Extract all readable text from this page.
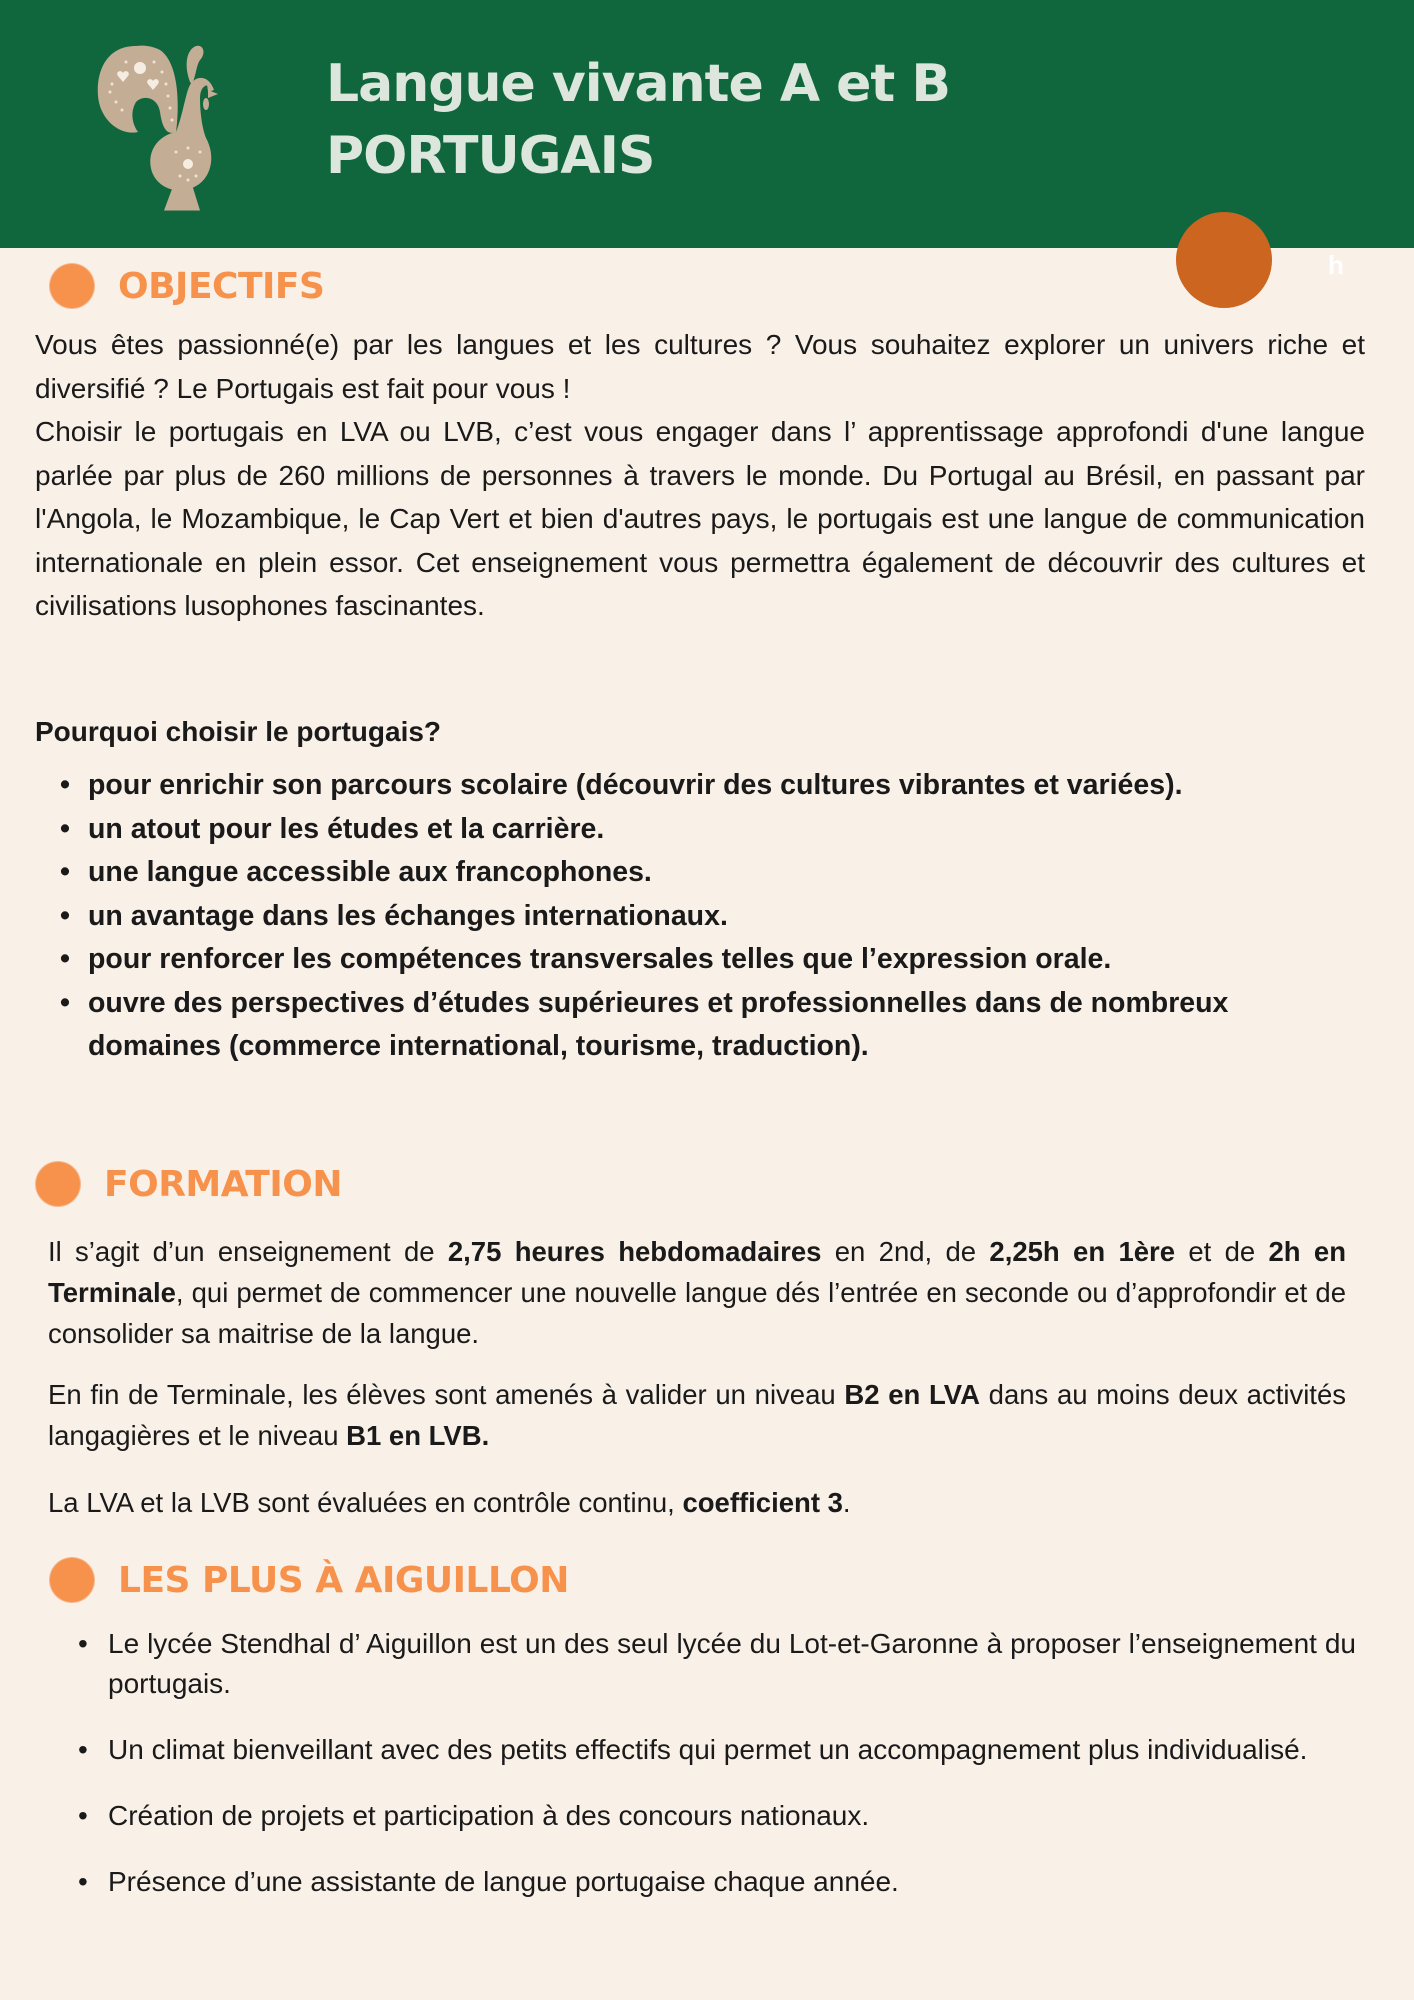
Langue vivante A et B
PORTUGAIS
h
OBJECTIFS
Vous êtes passionné(e) par les langues et les cultures ? Vous souhaitez explorer un univers riche et diversifié ? Le Portugais est fait pour vous !
Choisir le portugais en LVA ou LVB, c’est vous engager dans l’ apprentissage approfondi d'une langue parlée par plus de 260 millions de personnes à travers le monde. Du Portugal au Brésil, en passant par l'Angola, le Mozambique, le Cap Vert et bien d'autres pays, le portugais est une langue de communication internationale en plein essor. Cet enseignement vous permettra également de découvrir des cultures et civilisations lusophones fascinantes.
Pourquoi choisir le portugais?
• pour enrichir son parcours scolaire (découvrir des cultures vibrantes et variées).
• un atout pour les études et la carrière.
• une langue accessible aux francophones.
• un avantage dans les échanges internationaux.
• pour renforcer les compétences transversales telles que l’expression orale.
• ouvre des perspectives d’études supérieures et professionnelles dans de nombreux domaines (commerce international, tourisme, traduction).
FORMATION
Il s’agit d’un enseignement de 2,75 heures hebdomadaires en 2nd, de 2,25h en 1ère et de 2h en Terminale, qui permet de commencer une nouvelle langue dés l’entrée en seconde ou d’approfondir et de consolider sa maitrise de la langue.
En fin de Terminale, les élèves sont amenés à valider un niveau B2 en LVA dans au moins deux activités langagières et le niveau B1 en LVB.
La LVA et la LVB sont évaluées en contrôle continu, coefficient 3.
LES PLUS À AIGUILLON
• Le lycée Stendhal d’ Aiguillon est un des seul lycée du Lot-et-Garonne à proposer l’enseignement du portugais.
• Un climat bienveillant avec des petits effectifs qui permet un accompagnement plus individualisé.
• Création de projets et participation à des concours nationaux.
• Présence d’une assistante de langue portugaise chaque année.
